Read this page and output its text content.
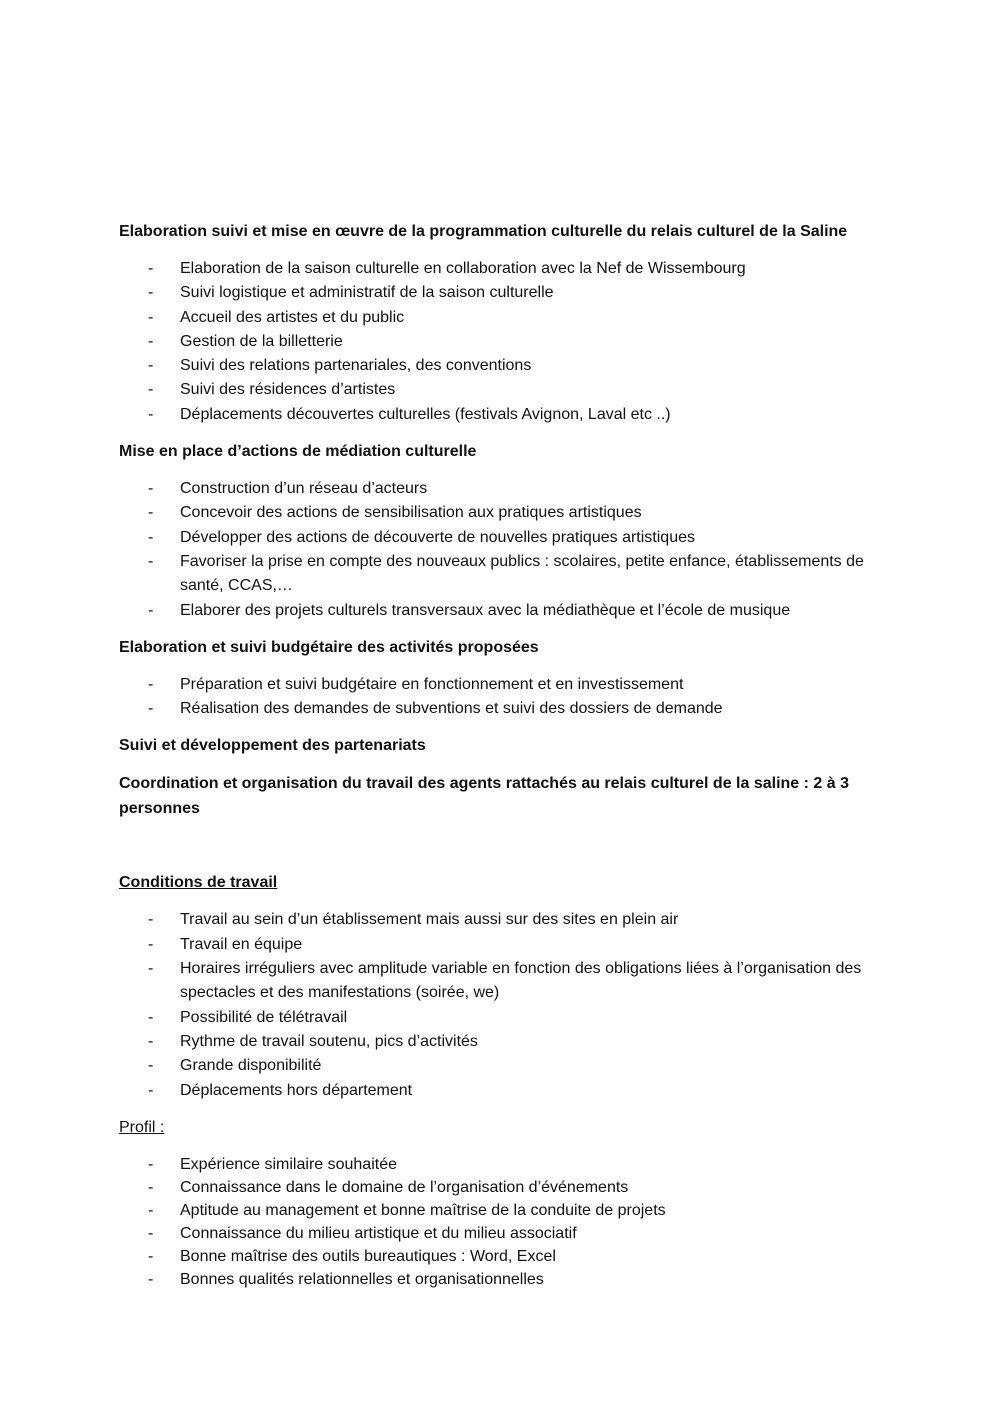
Elaboration suivi et mise en œuvre de la programmation culturelle du relais culturel de la Saline

- Elaboration de la saison culturelle en collaboration avec la Nef de Wissembourg
- Suivi logistique et administratif de la saison culturelle
- Accueil des artistes et du public
- Gestion de la billetterie
- Suivi des relations partenariales, des conventions
- Suivi des résidences d’artistes
- Déplacements découvertes culturelles (festivals Avignon, Laval etc ..)

Mise en place d’actions de médiation culturelle

- Construction d’un réseau d’acteurs
- Concevoir des actions de sensibilisation aux pratiques artistiques
- Développer des actions de découverte de nouvelles pratiques artistiques
- Favoriser la prise en compte des nouveaux publics : scolaires, petite enfance, établissements de santé, CCAS,…
- Elaborer des projets culturels transversaux avec la médiathèque et l’école de musique

Elaboration et suivi budgétaire des activités proposées

- Préparation et suivi budgétaire en fonctionnement et en investissement
- Réalisation des demandes de subventions et suivi des dossiers de demande

Suivi et développement des partenariats

Coordination et organisation du travail des agents rattachés au relais culturel de la saline : 2 à 3 personnes

Conditions de travail

- Travail au sein d’un établissement mais aussi sur des sites en plein air
- Travail en équipe
- Horaires irréguliers avec amplitude variable en fonction des obligations liées à l’organisation des spectacles et des manifestations (soirée, we)
- Possibilité de télétravail
- Rythme de travail soutenu, pics d’activités
- Grande disponibilité
- Déplacements hors département

Profil :

- Expérience similaire souhaitée
- Connaissance dans le domaine de l’organisation d’événements
- Aptitude au management et bonne maîtrise de la conduite de projets
- Connaissance du milieu artistique et du milieu associatif
- Bonne maîtrise des outils bureautiques : Word, Excel
- Bonnes qualités relationnelles et organisationnelles
